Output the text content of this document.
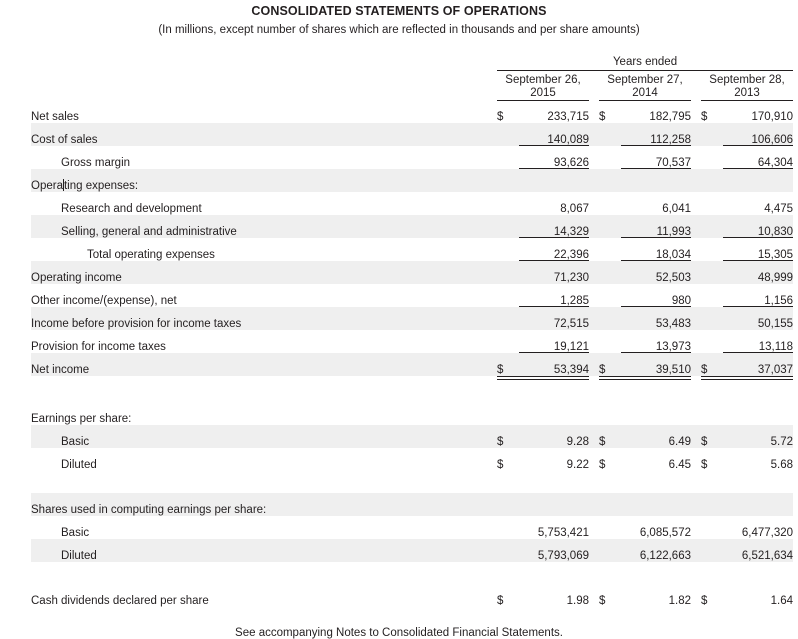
CONSOLIDATED STATEMENTS OF OPERATIONS
(In millions, except number of shares which are reflected in thousands and per share amounts)
	Years ended							

	September 26,
2015			September 27,
2014			September 28,
2013	
Net sales	$	233,715		$	182,795		$	170,910
Cost of sales		140,089			112,258			106,606
Gross margin		93,626			70,537			64,304
Operating expenses:								
Research and development		8,067			6,041			4,475
Selling, general and administrative		14,329			11,993			10,830
Total operating expenses		22,396			18,034			15,305
Operating income		71,230			52,503			48,999
Other income/(expense), net		1,285			980			1,156
Income before provision for income taxes		72,515			53,483			50,155
Provision for income taxes		19,121			13,973			13,118
Net income	$	53,394		$	39,510		$	37,037

Earnings per share:								
Basic	$	9.28		$	6.49		$	5.72
Diluted	$	9.22		$	6.45		$	5.68

Shares used in computing earnings per share:								
Basic		5,753,421			6,085,572			6,477,320
Diluted		5,793,069			6,122,663			6,521,634

Cash dividends declared per share	$	1.98		$	1.82		$	1.64
See accompanying Notes to Consolidated Financial Statements.
